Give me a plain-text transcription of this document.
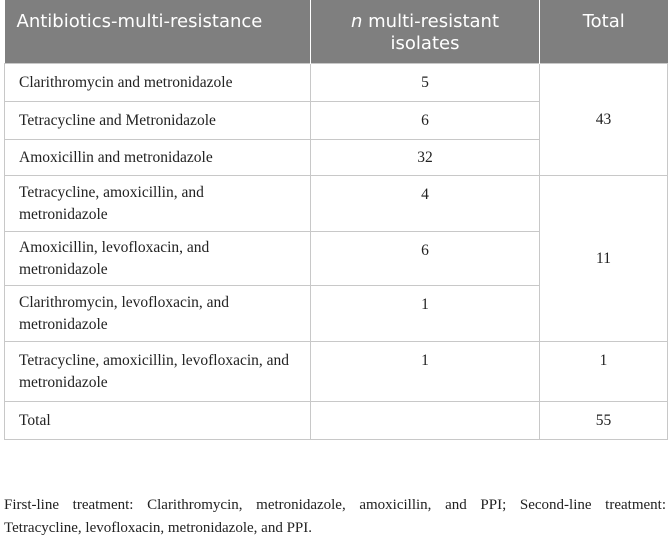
Antibiotics-multi-resistance	n multi-resistant isolates	Total
Clarithromycin and metronidazole	5	43
Tetracycline and Metronidazole	6	
Amoxicillin and metronidazole	32	
Tetracycline, amoxicillin, and metronidazole	4	11
Amoxicillin, levofloxacin, and metronidazole	6	
Clarithromycin, levofloxacin, and metronidazole	1	
Tetracycline, amoxicillin, levofloxacin, and metronidazole	1	1
Total		55
First-line treatment: Clarithromycin, metronidazole, amoxicillin, and PPI; Second-line treatment: Tetracycline, levofloxacin, metronidazole, and PPI.
